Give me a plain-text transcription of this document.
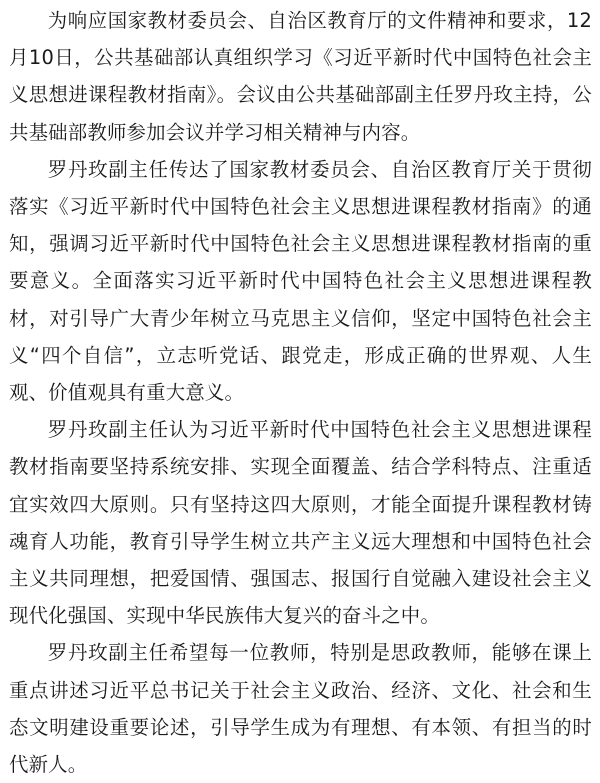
为响应国家教材委员会、自治区教育厅的文件精神和要求，12月10日，公共基础部认真组织学习《习近平新时代中国特色社会主义思想进课程教材指南》。会议由公共基础部副主任罗丹玫主持，公共基础部教师参加会议并学习相关精神与内容。

罗丹玫副主任传达了国家教材委员会、自治区教育厅关于贯彻落实《习近平新时代中国特色社会主义思想进课程教材指南》的通知，强调习近平新时代中国特色社会主义思想进课程教材指南的重要意义。全面落实习近平新时代中国特色社会主义思想进课程教材，对引导广大青少年树立马克思主义信仰，坚定中国特色社会主义“四个自信”，立志听党话、跟党走，形成正确的世界观、人生观、价值观具有重大意义。

罗丹玫副主任认为习近平新时代中国特色社会主义思想进课程教材指南要坚持系统安排、实现全面覆盖、结合学科特点、注重适宜实效四大原则。只有坚持这四大原则，才能全面提升课程教材铸魂育人功能，教育引导学生树立共产主义远大理想和中国特色社会主义共同理想，把爱国情、强国志、报国行自觉融入建设社会主义现代化强国、实现中华民族伟大复兴的奋斗之中。

罗丹玫副主任希望每一位教师，特别是思政教师，能够在课上重点讲述习近平总书记关于社会主义政治、经济、文化、社会和生态文明建设重要论述，引导学生成为有理想、有本领、有担当的时代新人。
